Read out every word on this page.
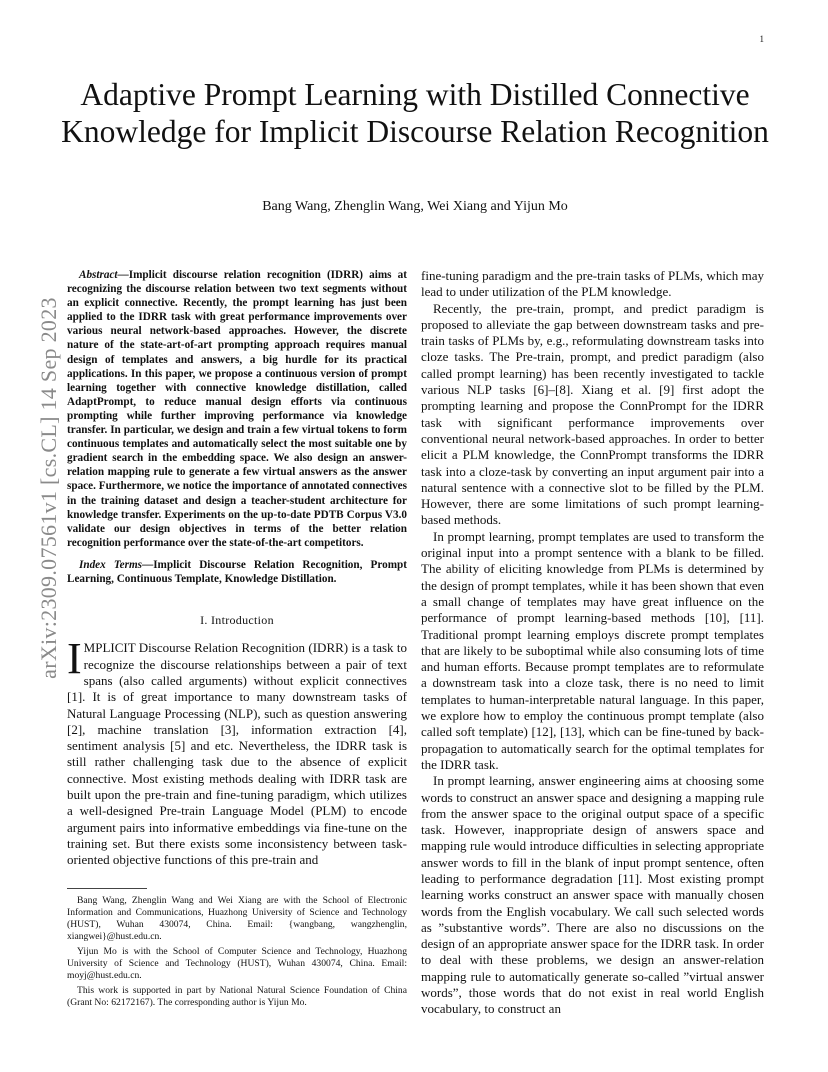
1
arXiv:2309.07561v1 [cs.CL] 14 Sep 2023
Adaptive Prompt Learning with Distilled Connective Knowledge for Implicit Discourse Relation Recognition
Bang Wang, Zhenglin Wang, Wei Xiang and Yijun Mo

Abstract—Implicit discourse relation recognition (IDRR) aims at recognizing the discourse relation between two text segments without an explicit connective. Recently, the prompt learning has just been applied to the IDRR task with great performance improvements over various neural network-based approaches. However, the discrete nature of the state-art-of-art prompting approach requires manual design of templates and answers, a big hurdle for its practical applications. In this paper, we propose a continuous version of prompt learning together with connective knowledge distillation, called AdaptPrompt, to reduce manual design efforts via continuous prompting while further improving performance via knowledge transfer. In particular, we design and train a few virtual tokens to form continuous templates and automatically select the most suitable one by gradient search in the embedding space. We also design an answer-relation mapping rule to generate a few virtual answers as the answer space. Furthermore, we notice the importance of annotated connectives in the training dataset and design a teacher-student architecture for knowledge transfer. Experiments on the up-to-date PDTB Corpus V3.0 validate our design objectives in terms of the better relation recognition performance over the state-of-the-art competitors.

Index Terms—Implicit Discourse Relation Recognition, Prompt Learning, Continuous Template, Knowledge Distillation.

I. Introduction

IMPLICIT Discourse Relation Recognition (IDRR) is a task to recognize the discourse relationships between a pair of text spans (also called arguments) without explicit connectives [1]. It is of great importance to many downstream tasks of Natural Language Processing (NLP), such as question answering [2], machine translation [3], information extraction [4], sentiment analysis [5] and etc. Nevertheless, the IDRR task is still rather challenging task due to the absence of explicit connective. Most existing methods dealing with IDRR task are built upon the pre-train and fine-tuning paradigm, which utilizes a well-designed Pre-train Language Model (PLM) to encode argument pairs into informative embeddings via fine-tune on the training set. But there exists some inconsistency between task-oriented objective functions of this pre-train and

Bang Wang, Zhenglin Wang and Wei Xiang are with the School of Electronic Information and Communications, Huazhong University of Science and Technology (HUST), Wuhan 430074, China. Email: {wangbang, wangzhenglin, xiangwei}@hust.edu.cn.

Yijun Mo is with the School of Computer Science and Technology, Huazhong University of Science and Technology (HUST), Wuhan 430074, China. Email: moyj@hust.edu.cn.

This work is supported in part by National Natural Science Foundation of China (Grant No: 62172167). The corresponding author is Yijun Mo.

fine-tuning paradigm and the pre-train tasks of PLMs, which may lead to under utilization of the PLM knowledge.

Recently, the pre-train, prompt, and predict paradigm is proposed to alleviate the gap between downstream tasks and pre-train tasks of PLMs by, e.g., reformulating downstream tasks into cloze tasks. The Pre-train, prompt, and predict paradigm (also called prompt learning) has been recently investigated to tackle various NLP tasks [6]–[8]. Xiang et al. [9] first adopt the prompting learning and propose the ConnPrompt for the IDRR task with significant performance improvements over conventional neural network-based approaches. In order to better elicit a PLM knowledge, the ConnPrompt transforms the IDRR task into a cloze-task by converting an input argument pair into a natural sentence with a connective slot to be filled by the PLM. However, there are some limitations of such prompt learning-based methods.

In prompt learning, prompt templates are used to transform the original input into a prompt sentence with a blank to be filled. The ability of eliciting knowledge from PLMs is determined by the design of prompt templates, while it has been shown that even a small change of templates may have great influence on the performance of prompt learning-based methods [10], [11]. Traditional prompt learning employs discrete prompt templates that are likely to be suboptimal while also consuming lots of time and human efforts. Because prompt templates are to reformulate a downstream task into a cloze task, there is no need to limit templates to human-interpretable natural language. In this paper, we explore how to employ the continuous prompt template (also called soft template) [12], [13], which can be fine-tuned by back-propagation to automatically search for the optimal templates for the IDRR task.

In prompt learning, answer engineering aims at choosing some words to construct an answer space and designing a mapping rule from the answer space to the original output space of a specific task. However, inappropriate design of answers space and mapping rule would introduce difficulties in selecting appropriate answer words to fill in the blank of input prompt sentence, often leading to performance degradation [11]. Most existing prompt learning works construct an answer space with manually chosen words from the English vocabulary. We call such selected words as ”substantive words”. There are also no discussions on the design of an appropriate answer space for the IDRR task. In order to deal with these problems, we design an answer-relation mapping rule to automatically generate so-called ”virtual answer words”, those words that do not exist in real world English vocabulary, to construct an
